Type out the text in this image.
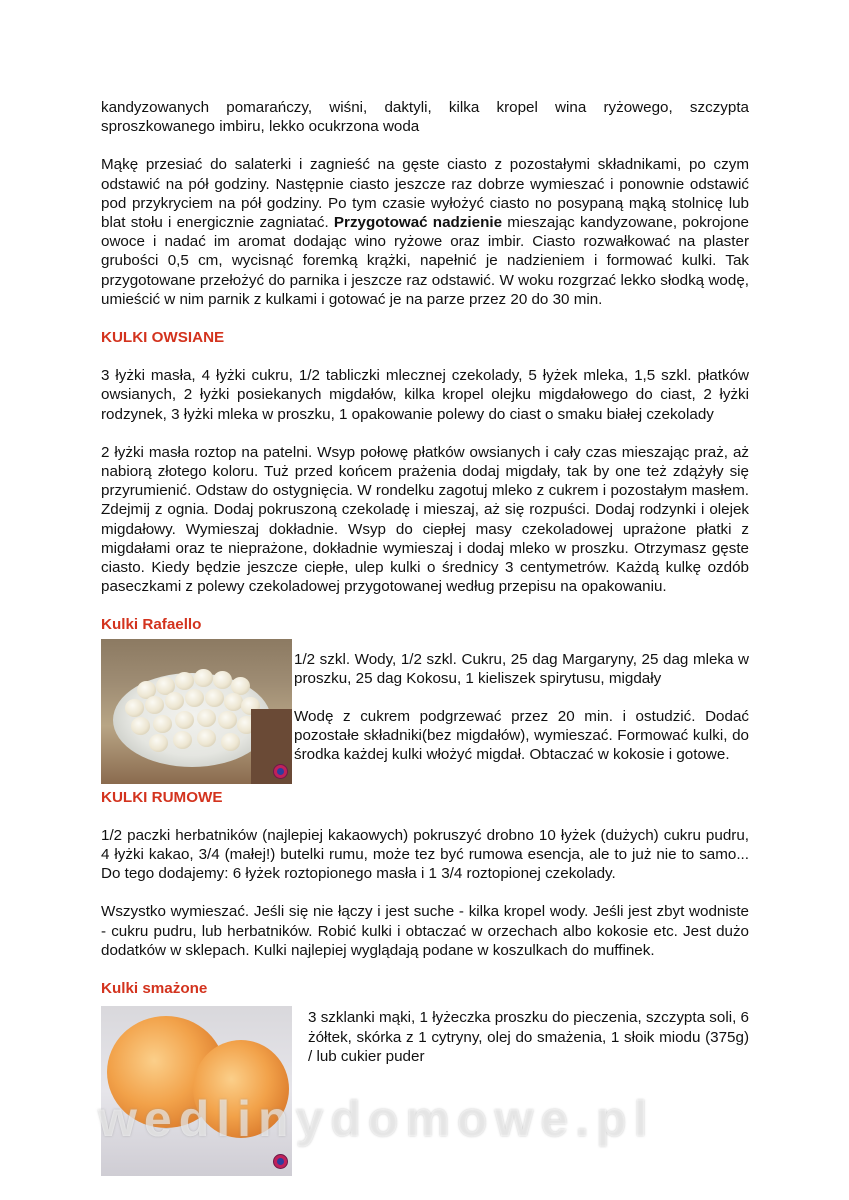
kandyzowanych pomarańczy, wiśni, daktyli, kilka kropel wina ryżowego, szczypta sproszkowanego imbiru, lekko ocukrzona woda

Mąkę przesiać do salaterki i zagnieść na gęste ciasto z pozostałymi składnikami, po czym odstawić na pół godziny. Następnie ciasto jeszcze raz dobrze wymieszać i ponownie odstawić pod przykryciem na pół godziny. Po tym czasie wyłożyć ciasto no posypaną mąką stolnicę lub blat stołu i energicznie zagniatać. Przygotować nadzienie mieszając kandyzowane, pokrojone owoce i nadać im aromat dodając wino ryżowe oraz imbir. Ciasto rozwałkować na plaster grubości 0,5 cm, wycisnąć foremką krążki, napełnić je nadzieniem i formować kulki. Tak przygotowane przełożyć do parnika i jeszcze raz odstawić. W woku rozgrzać lekko słodką wodę, umieścić w nim parnik z kulkami i gotować je na parze przez 20 do 30 min.

KULKI OWSIANE

3 łyżki masła, 4 łyżki cukru, 1/2 tabliczki mlecznej czekolady, 5 łyżek mleka, 1,5 szkl. płatków owsianych, 2 łyżki posiekanych migdałów, kilka kropel olejku migdałowego do ciast, 2 łyżki rodzynek, 3 łyżki mleka w proszku, 1 opakowanie polewy do ciast o smaku białej czekolady

2 łyżki masła roztop na patelni. Wsyp połowę płatków owsianych i cały czas mieszając praż, aż nabiorą złotego koloru. Tuż przed końcem prażenia dodaj migdały, tak by one też zdążyły się przyrumienić. Odstaw do ostygnięcia. W rondelku zagotuj mleko z cukrem i pozostałym masłem. Zdejmij z ognia. Dodaj pokruszoną czekoladę i mieszaj, aż się rozpuści. Dodaj rodzynki i olejek migdałowy. Wymieszaj dokładnie. Wsyp do ciepłej masy czekoladowej uprażone płatki z migdałami oraz te nieprażone, dokładnie wymieszaj i dodaj mleko w proszku. Otrzymasz gęste ciasto. Kiedy będzie jeszcze ciepłe, ulep kulki o średnicy 3 centymetrów. Każdą kulkę ozdób paseczkami z polewy czekoladowej przygotowanej według przepisu na opakowaniu.

Kulki Rafaello

1/2 szkl. Wody, 1/2 szkl. Cukru, 25 dag Margaryny, 25 dag mleka w proszku, 25 dag Kokosu, 1 kieliszek spirytusu, migdały

Wodę z cukrem podgrzewać przez 20 min. i ostudzić. Dodać pozostałe składniki(bez migdałów), wymieszać. Formować kulki, do środka każdej kulki włożyć migdał. Obtaczać w kokosie i gotowe.

KULKI RUMOWE

1/2 paczki herbatników (najlepiej kakaowych) pokruszyć drobno 10 łyżek (dużych) cukru pudru, 4 łyżki kakao, 3/4 (małej!) butelki rumu, może tez być rumowa esencja, ale to już nie to samo... Do tego dodajemy: 6 łyżek roztopionego masła i 1 3/4 roztopionej czekolady.

Wszystko wymieszać. Jeśli się nie łączy i jest suche - kilka kropel wody. Jeśli jest zbyt wodniste - cukru pudru, lub herbatników. Robić kulki i obtaczać w orzechach albo kokosie etc. Jest dużo dodatków w sklepach. Kulki najlepiej wyglądają podane w koszulkach do muffinek.

Kulki smażone

3 szklanki mąki, 1 łyżeczka proszku do pieczenia, szczypta soli, 6 żółtek, skórka z 1 cytryny, olej do smażenia, 1 słoik miodu (375g) / lub cukier puder

wedlinydomowe.pl
